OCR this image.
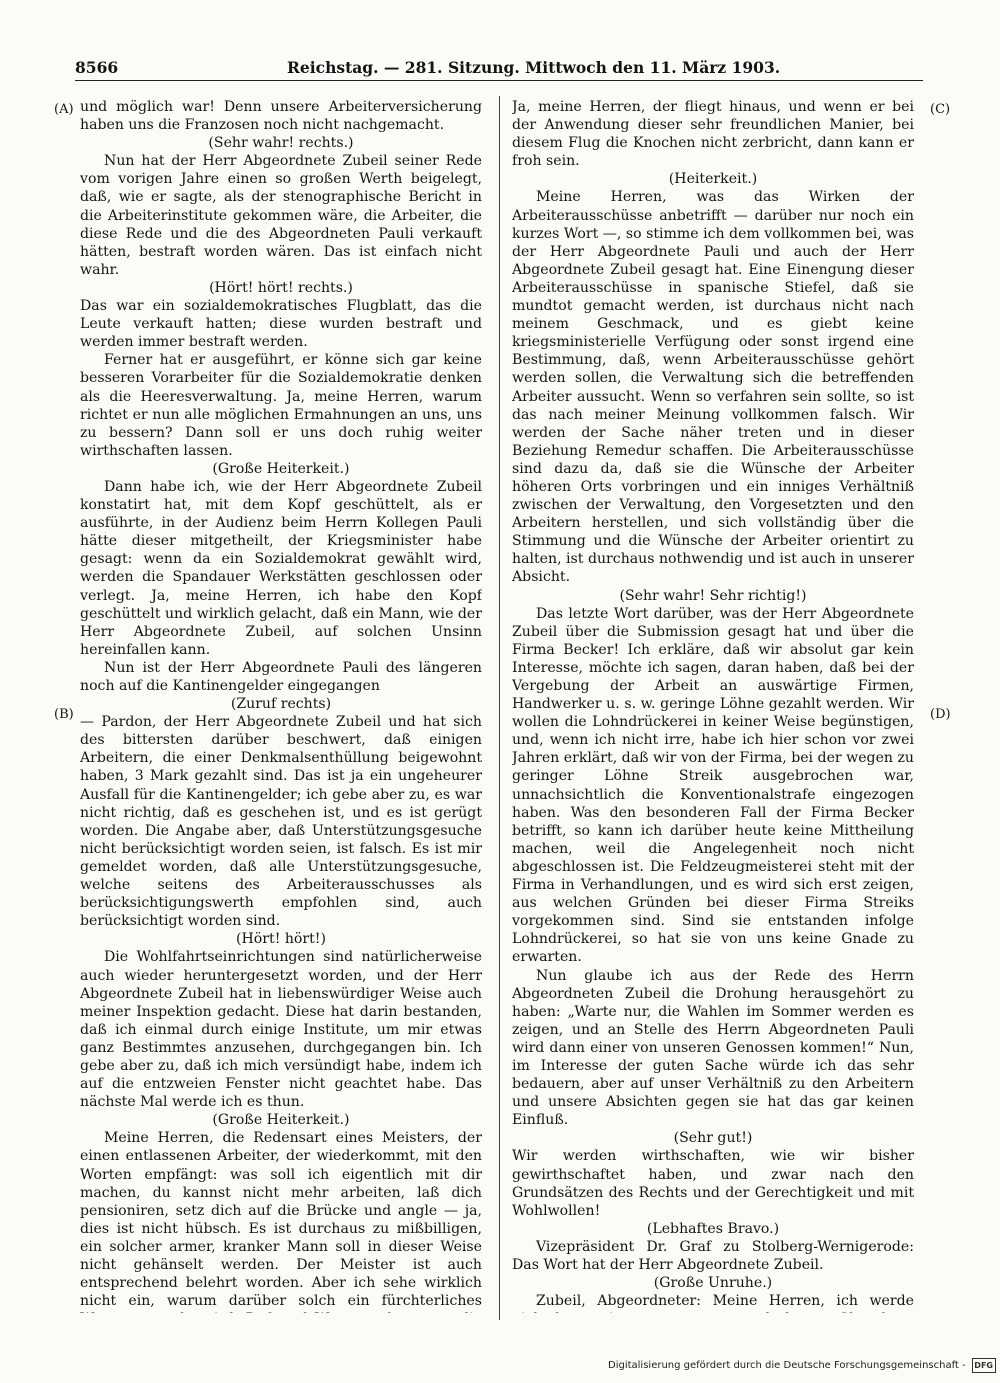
8566	Reichstag. — 281. Sitzung. Mittwoch den 11. März 1903.
(A)
(B)
(C)
(D)

und möglich war! Denn unsere Arbeiterversicherung haben uns die Franzosen noch nicht nachgemacht.

(Sehr wahr! rechts.)

Nun hat der Herr Abgeordnete Zubeil seiner Rede vom vorigen Jahre einen so großen Werth beigelegt, daß, wie er sagte, als der stenographische Bericht in die Arbeiterinstitute gekommen wäre, die Arbeiter, die diese Rede und die des Abgeordneten Pauli verkauft hätten, bestraft worden wären. Das ist einfach nicht wahr.

(Hört! hört! rechts.)

Das war ein sozialdemokratisches Flugblatt, das die Leute verkauft hatten; diese wurden bestraft und werden immer bestraft werden.

Ferner hat er ausgeführt, er könne sich gar keine besseren Vorarbeiter für die Sozialdemokratie denken als die Heeresverwaltung. Ja, meine Herren, warum richtet er nun alle möglichen Ermahnungen an uns, uns zu bessern? Dann soll er uns doch ruhig weiter wirthschaften lassen.

(Große Heiterkeit.)

Dann habe ich, wie der Herr Abgeordnete Zubeil konstatirt hat, mit dem Kopf geschüttelt, als er ausführte, in der Audienz beim Herrn Kollegen Pauli hätte dieser mitgetheilt, der Kriegsminister habe gesagt: wenn da ein Sozialdemokrat gewählt wird, werden die Spandauer Werkstätten geschlossen oder verlegt. Ja, meine Herren, ich habe den Kopf geschüttelt und wirklich gelacht, daß ein Mann, wie der Herr Abgeordnete Zubeil, auf solchen Unsinn hereinfallen kann.

Nun ist der Herr Abgeordnete Pauli des längeren noch auf die Kantinengelder eingegangen

(Zuruf rechts)

— Pardon, der Herr Abgeordnete Zubeil und hat sich des bittersten darüber beschwert, daß einigen Arbeitern, die einer Denkmalsenthüllung beigewohnt haben, 3 Mark gezahlt sind. Das ist ja ein ungeheurer Ausfall für die Kantinengelder; ich gebe aber zu, es war nicht richtig, daß es geschehen ist, und es ist gerügt worden. Die Angabe aber, daß Unterstützungsgesuche nicht berücksichtigt worden seien, ist falsch. Es ist mir gemeldet worden, daß alle Unterstützungsgesuche, welche seitens des Arbeiterausschusses als berücksichtigungswerth empfohlen sind, auch berücksichtigt worden sind.

(Hört! hört!)

Die Wohlfahrtseinrichtungen sind natürlicherweise auch wieder heruntergesetzt worden, und der Herr Abgeordnete Zubeil hat in liebenswürdiger Weise auch meiner Inspektion gedacht. Diese hat darin bestanden, daß ich einmal durch einige Institute, um mir etwas ganz Bestimmtes anzusehen, durchgegangen bin. Ich gebe aber zu, daß ich mich versündigt habe, indem ich auf die entzweien Fenster nicht geachtet habe. Das nächste Mal werde ich es thun.

(Große Heiterkeit.)

Meine Herren, die Redensart eines Meisters, der einen entlassenen Arbeiter, der wiederkommt, mit den Worten empfängt: was soll ich eigentlich mit dir machen, du kannst nicht mehr arbeiten, laß dich pensioniren, setz dich auf die Brücke und angle — ja, dies ist nicht hübsch. Es ist durchaus zu mißbilligen, ein solcher armer, kranker Mann soll in dieser Weise nicht gehänselt werden. Der Meister ist auch entsprechend belehrt worden. Aber ich sehe wirklich nicht ein, warum darüber solch ein fürchterliches

Ja, meine Herren, der fliegt hinaus, und wenn er bei der Anwendung dieser sehr freundlichen Manier, bei diesem Flug die Knochen nicht zerbricht, dann kann er froh sein.

(Heiterkeit.)

Meine Herren, was das Wirken der Arbeiterausschüsse anbetrifft — darüber nur noch ein kurzes Wort —, so stimme ich dem vollkommen bei, was der Herr Abgeordnete Pauli und auch der Herr Abgeordnete Zubeil gesagt hat. Eine Einengung dieser Arbeiterausschüsse in spanische Stiefel, daß sie mundtot gemacht werden, ist durchaus nicht nach meinem Geschmack, und es giebt keine kriegsministerielle Verfügung oder sonst irgend eine Bestimmung, daß, wenn Arbeiterausschüsse gehört werden sollen, die Verwaltung sich die betreffenden Arbeiter aussucht. Wenn so verfahren sein sollte, so ist das nach meiner Meinung vollkommen falsch. Wir werden der Sache näher treten und in dieser Beziehung Remedur schaffen. Die Arbeiterausschüsse sind dazu da, daß sie die Wünsche der Arbeiter höheren Orts vorbringen und ein inniges Verhältniß zwischen der Verwaltung, den Vorgesetzten und den Arbeitern herstellen, und sich vollständig über die Stimmung und die Wünsche der Arbeiter orientirt zu halten, ist durchaus nothwendig und ist auch in unserer Absicht.

(Sehr wahr! Sehr richtig!)

Das letzte Wort darüber, was der Herr Abgeordnete Zubeil über die Submission gesagt hat und über die Firma Becker! Ich erkläre, daß wir absolut gar kein Interesse, möchte ich sagen, daran haben, daß bei der Vergebung der Arbeit an auswärtige Firmen, Handwerker u. s. w. geringe Löhne gezahlt werden. Wir wollen die Lohndrückerei in keiner Weise begünstigen, und, wenn ich nicht irre, habe ich hier schon vor zwei Jahren erklärt, daß wir von der Firma, bei der wegen zu geringer Löhne Streik ausgebrochen war, unnachsichtlich die Konventionalstrafe eingezogen haben. Was den besonderen Fall der Firma Becker betrifft, so kann ich darüber heute keine Mittheilung machen, weil die Angelegenheit noch nicht abgeschlossen ist. Die Feldzeugmeisterei steht mit der Firma in Verhandlungen, und es wird sich erst zeigen, aus welchen Gründen bei dieser Firma Streiks vorgekommen sind. Sind sie entstanden infolge Lohndrückerei, so hat sie von uns keine Gnade zu erwarten.

Nun glaube ich aus der Rede des Herrn Abgeordneten Zubeil die Drohung herausgehört zu haben: „Warte nur, die Wahlen im Sommer werden es zeigen, und an Stelle des Herrn Abgeordneten Pauli wird dann einer von unseren Genossen kommen!“ Nun, im Interesse der guten Sache würde ich das sehr bedauern, aber auf unser Verhältniß zu den Arbeitern und unsere Absichten gegen sie hat das gar keinen Einfluß.

(Sehr gut!)

Wir werden wirthschaften, wie wir bisher gewirthschaftet haben, und zwar nach den Grundsätzen des Rechts und der Gerechtigkeit und mit Wohlwollen!

(Lebhaftes Bravo.)

Vizepräsident Dr. Graf zu Stolberg-Wernigerode: Das Wort hat der Herr Abgeordnete Zubeil.

(Große Unruhe.)

Zubeil, Abgeordneter: Meine Herren, ich werde

Digitalisierung gefördert durch die Deutsche Forschungsgemeinschaft -	DFG
